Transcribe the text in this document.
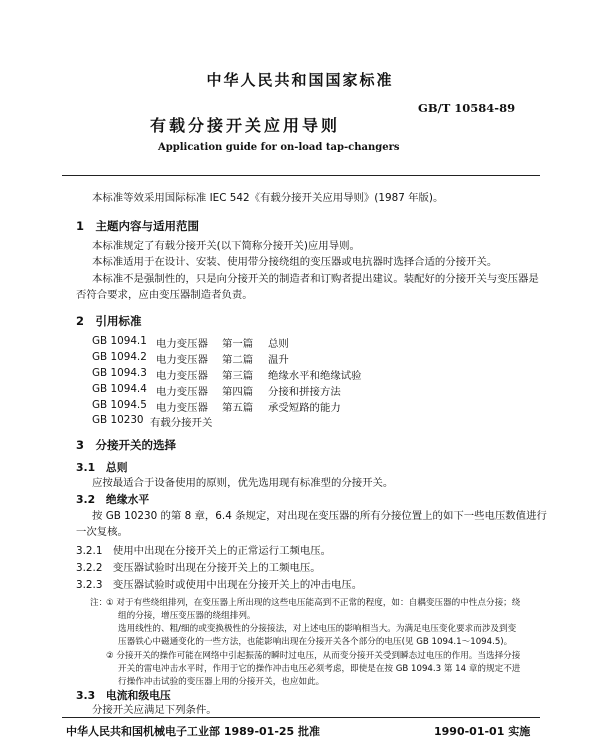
中华人民共和国国家标准
有载分接开关应用导则
GB/T 10584-89
Application guide for on-load tap-changers
本标准等效采用国际标准 IEC 542《有载分接开关应用导则》(1987 年版)。
1　主题内容与适用范围
本标准规定了有载分接开关(以下简称分接开关)应用导则。
本标准适用于在设计、安装、使用带分接绕组的变压器或电抗器时选择合适的分接开关。
本标准不是强制性的，只是向分接开关的制造者和订购者提出建议。装配好的分接开关与变压器是
否符合要求，应由变压器制造者负责。
2　引用标准
GB 1094.1 电力变压器 第一篇 总则
GB 1094.2 电力变压器 第二篇 温升
GB 1094.3 电力变压器 第三篇 绝缘水平和绝缘试验
GB 1094.4 电力变压器 第四篇 分接和拼接方法
GB 1094.5 电力变压器 第五篇 承受短路的能力
GB 10230 有载分接开关
3　分接开关的选择
3.1　总则
应按最适合于设备使用的原则，优先选用现有标准型的分接开关。
3.2　绝缘水平
按 GB 10230 的第 8 章，6.4 条规定，对出现在变压器的所有分接位置上的如下一些电压数值进行
一次复核。
3.2.1　使用中出现在分接开关上的正常运行工频电压。
3.2.2　变压器试验时出现在分接开关上的工频电压。
3.2.3　变压器试验时或使用中出现在分接开关上的冲击电压。
注：
① 对于有些绕组排列，在变压器上所出现的这些电压能高到不正常的程度，如：自耦变压器的中性点分接；绕
组的分接，增压变压器的绕组排列。
选用线性的、粗/细的或变换极性的分接接法，对上述电压的影响相当大。为满足电压变化要求而涉及到变
压器铁心中磁通变化的一些方法，也能影响出现在分接开关各个部分的电压(见 GB 1094.1～1094.5)。
② 分接开关的操作可能在网络中引起振荡的瞬时过电压，从而变分接开关受到瞬态过电压的作用。当选择分接
开关的雷电冲击水平时，作用于它的操作冲击电压必须考虑，即使是在按 GB 1094.3 第 14 章的规定不进
行操作冲击试验的变压器上用的分接开关，也应如此。
3.3　电流和级电压
分接开关应满足下列条件。
中华人民共和国机械电子工业部 1989-01-25 批准	1990-01-01 实施
